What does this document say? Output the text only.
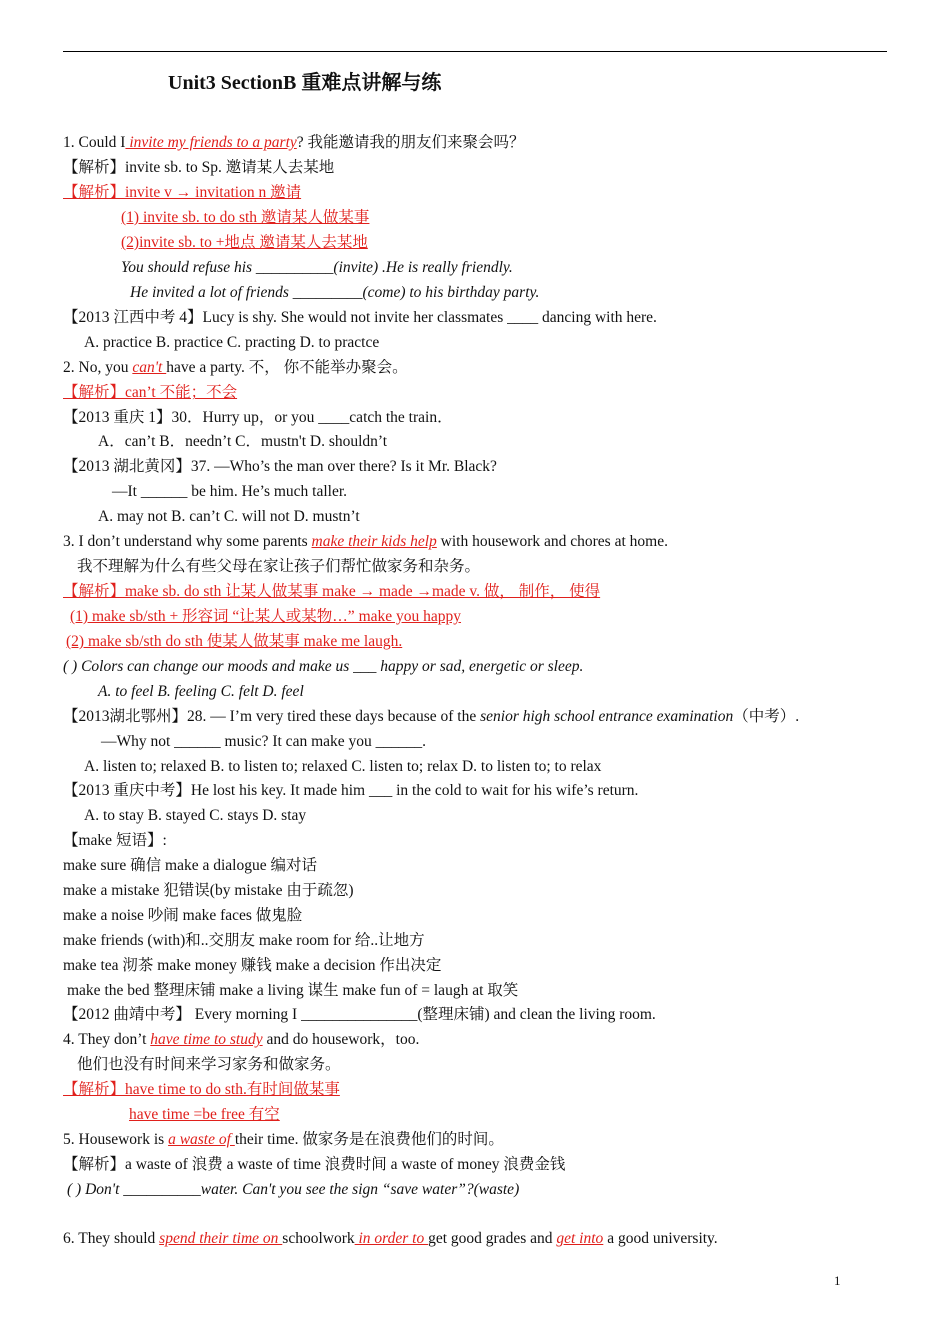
Unit3 SectionB 重难点讲解与练
1. Could I invite my friends to a party? 我能邀请我的朋友们来聚会吗？
【解析】invite sb. to Sp. 邀请某人去某地
【解析】invite v → invitation n 邀请
(1) invite sb. to do sth 邀请某人做某事
(2)invite sb. to +地点 邀请某人去某地
You should refuse his __________(invite) .He is really friendly.
He invited a lot of friends _________(come) to his birthday party.
【2013 江西中考 4】Lucy is shy. She would not invite her classmates ____ dancing with here.
A. practice B. practice C. practing D. to practce
2. No, you can't have a party. 不， 你不能举办聚会。
【解析】can’t 不能；不会
【2013 重庆 1】30．Hurry up，or you ____catch the train．
A．can’t B．needn’t C．mustn't D. shouldn’t
【2013 湖北黄冈】37. —Who’s the man over there? Is it Mr. Black?
—It ______ be him. He’s much taller.
A. may not B. can’t C. will not D. mustn’t
3. I don’t understand why some parents make their kids help with housework and chores at home.
我不理解为什么有些父母在家让孩子们帮忙做家务和杂务。
【解析】make sb. do sth 让某人做某事 make → made →made v. 做， 制作， 使得
(1) make sb/sth + 形容词 “让某人或某物…” make you happy
(2) make sb/sth do sth 使某人做某事 make me laugh.
( ) Colors can change our moods and make us ___ happy or sad, energetic or sleep.
A. to feel B. feeling C. felt D. feel
【2013湖北鄂州】28. — I’m very tired these days because of the senior high school entrance examination（中考）.
—Why not ______ music? It can make you ______.
A. listen to; relaxed B. to listen to; relaxed C. listen to; relax D. to listen to; to relax
【2013 重庆中考】He lost his key. It made him ___ in the cold to wait for his wife’s return.
A. to stay B. stayed C. stays D. stay
【make 短语】:
make sure 确信 make a dialogue 编对话
make a mistake 犯错误(by mistake 由于疏忽)
make a noise 吵闹 make faces 做鬼脸
make friends (with)和..交朋友 make room for 给..让地方
make tea 沏茶 make money 赚钱 make a decision 作出决定
make the bed 整理床铺 make a living 谋生 make fun of = laugh at 取笑
【2012 曲靖中考】 Every morning I _______________(整理床铺) and clean the living room.
4. They don’t have time to study and do housework，too.
他们也没有时间来学习家务和做家务。
【解析】have time to do sth.有时间做某事
have time =be free 有空
5. Housework is a waste of their time. 做家务是在浪费他们的时间。
【解析】a waste of 浪费 a waste of time 浪费时间 a waste of money 浪费金钱
( ) Don't __________water. Can't you see the sign “save water”?(waste)
6. They should spend their time on schoolwork in order to get good grades and get into a good university.
1
